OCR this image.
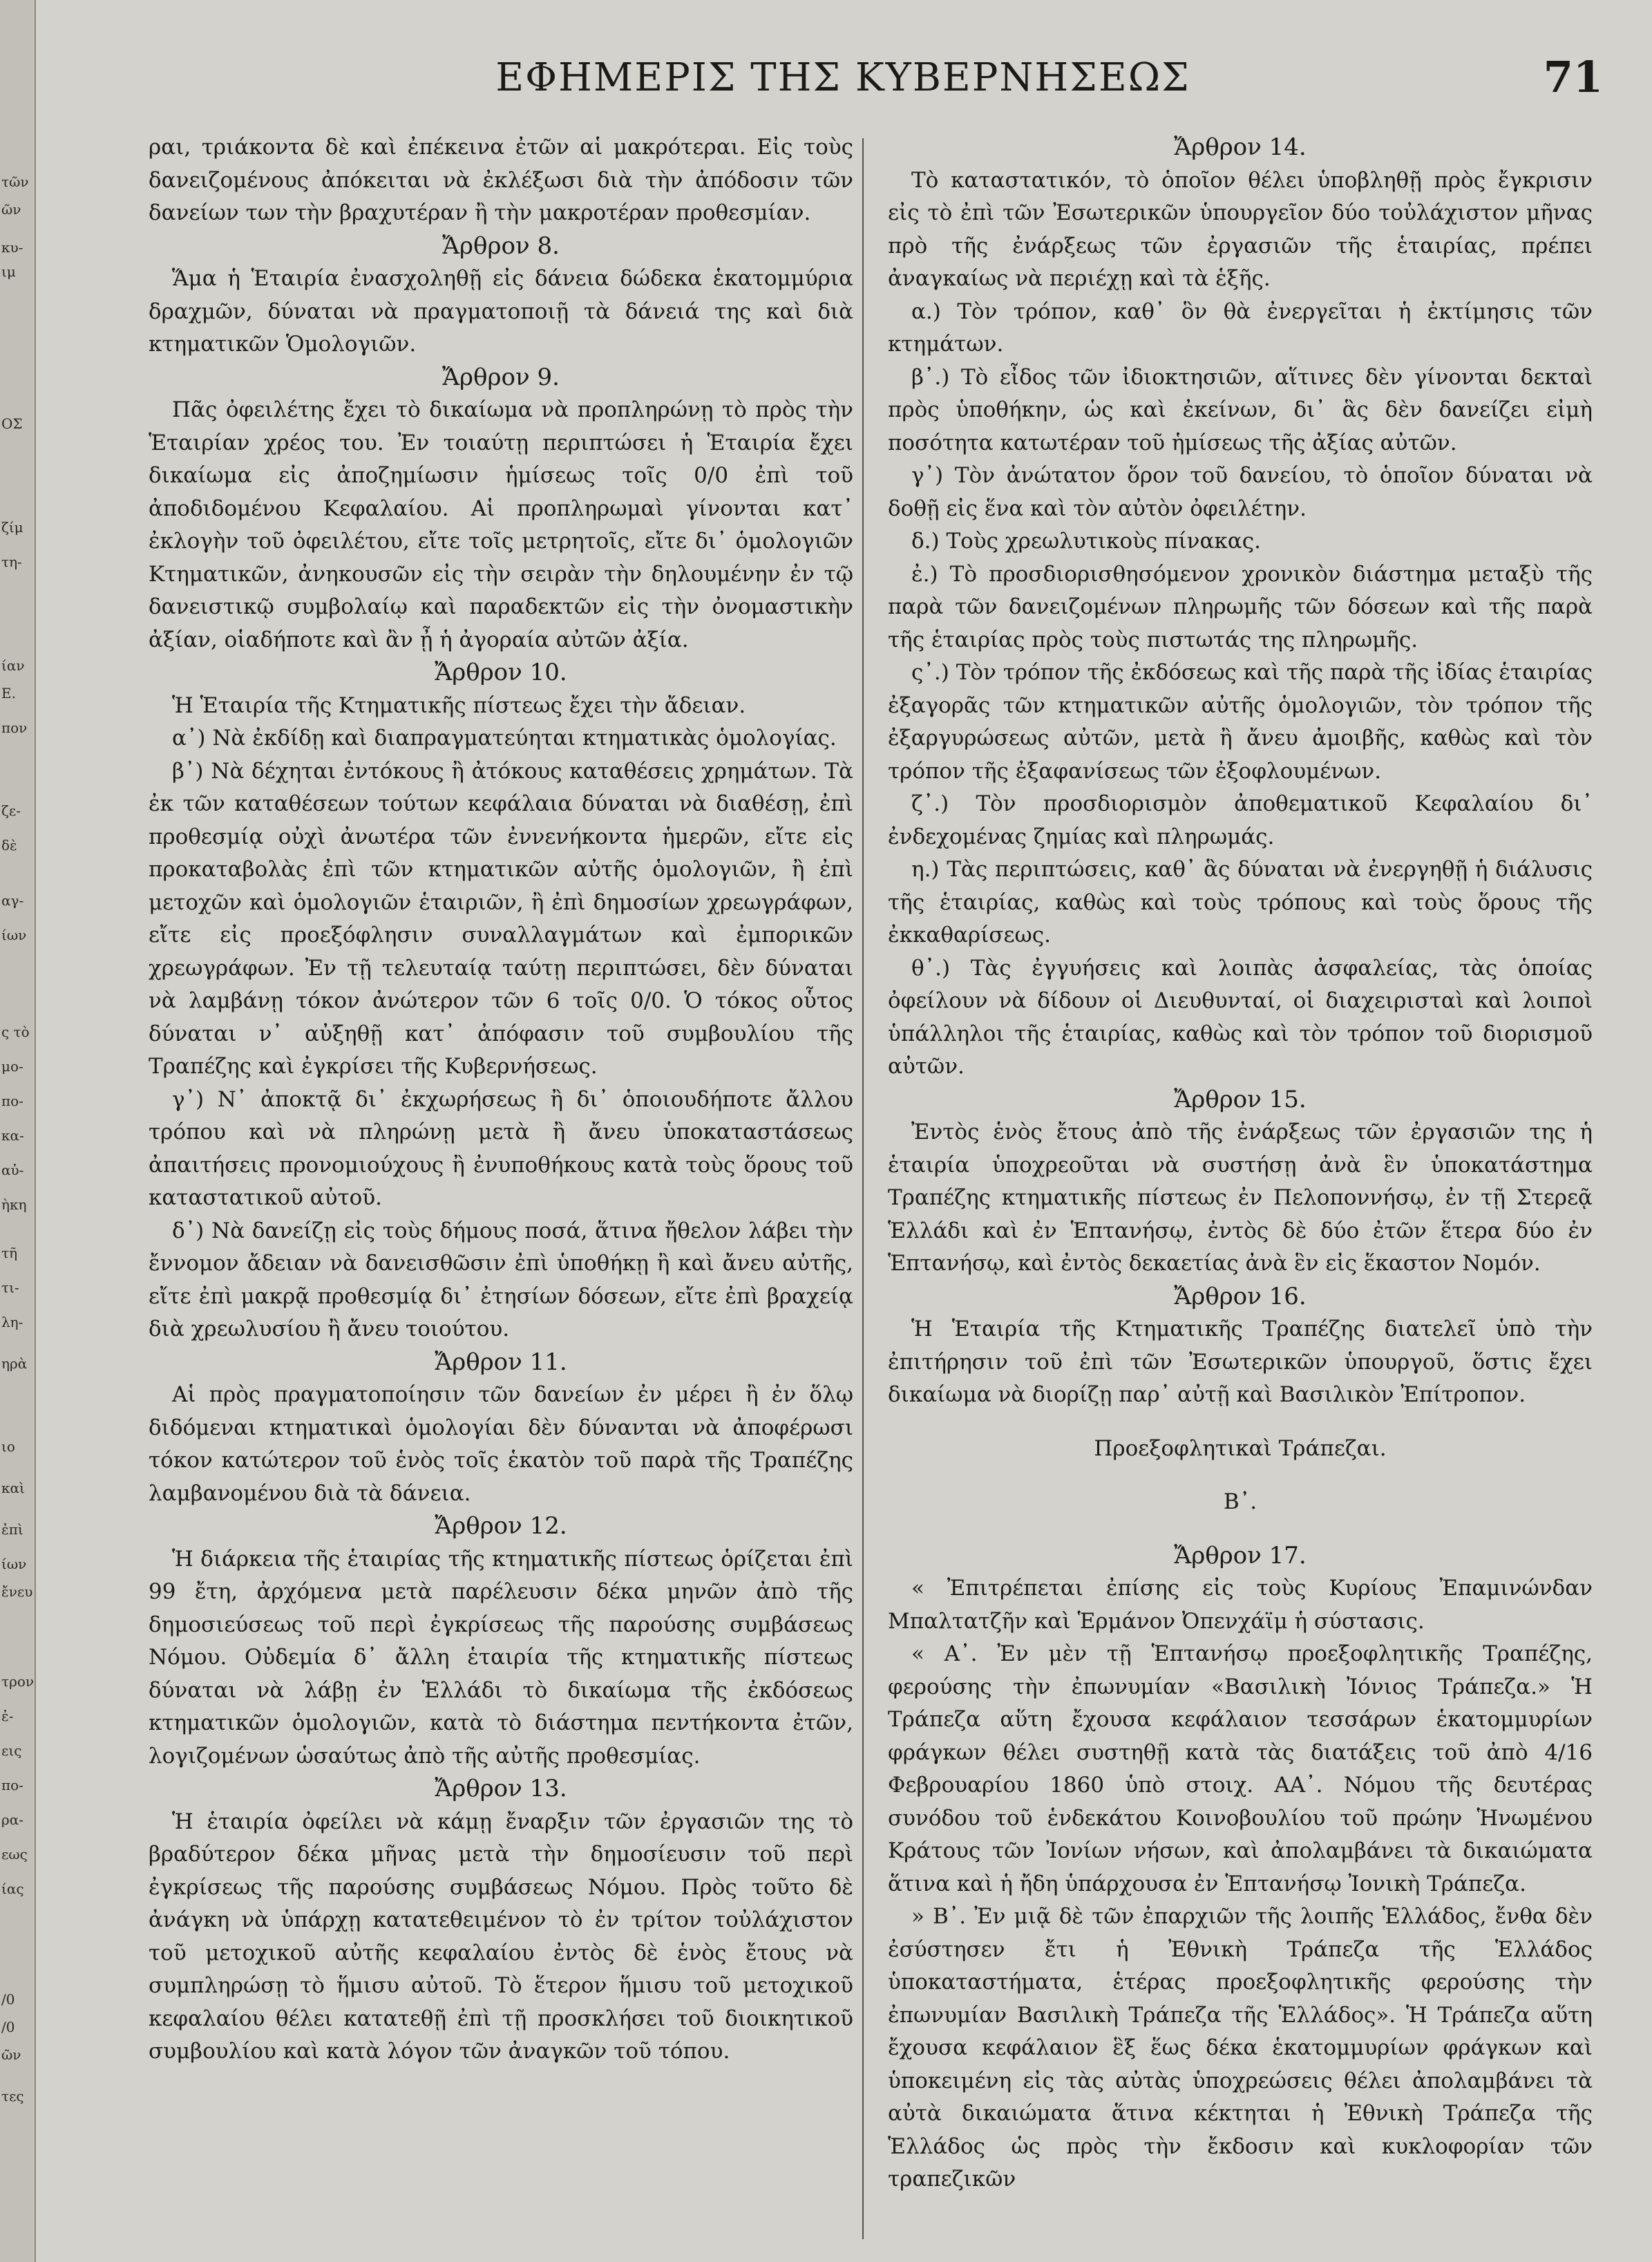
τῶν
ῶν
κυ-
ιμ
ΟΣ
ζίμ
τη-
ίαν
Ε.
πον
ζε-
δὲ
αγ-
ίων
ς τὸ
μο-
πο-
κα-
αὐ-
ὴκη
τῆ
τι-
λη-
ηρὰ
ιο
καὶ
ἐπὶ
ίων
ἔνευ
τρον
ἐ-
εις
πο-
ρα-
εως
ίας
/0
/0
ῶν
τες
ΕΦΗΜΕΡΙΣ ΤΗΣ ΚΥΒΕΡΝΗΣΕΩΣ	71

ραι, τριάκοντα δὲ καὶ ἐπέκεινα ἐτῶν αἱ μακρότεραι. Εἰς τοὺς δανειζομένους ἀπόκειται νὰ ἐκλέξωσι διὰ τὴν ἀπόδοσιν τῶν δανείων των τὴν βραχυτέραν ἢ τὴν μακροτέραν προθεσμίαν.

Ἄρθρον 8.

Ἅμα ἡ Ἑταιρία ἐνασχοληθῇ εἰς δάνεια δώδεκα ἑκατομμύρια δραχμῶν, δύναται νὰ πραγματοποιῇ τὰ δάνειά της καὶ διὰ κτηματικῶν Ὁμολογιῶν.

Ἄρθρον 9.

Πᾶς ὀφειλέτης ἔχει τὸ δικαίωμα νὰ προπληρώνῃ τὸ πρὸς τὴν Ἑταιρίαν χρέος του. Ἐν τοιαύτῃ περιπτώσει ἡ Ἑταιρία ἔχει δικαίωμα εἰς ἀποζημίωσιν ἡμίσεως τοῖς 0/0 ἐπὶ τοῦ ἀποδιδομένου Κεφαλαίου. Αἱ προπληρωμαὶ γίνονται κατ᾽ ἐκλογὴν τοῦ ὀφειλέτου, εἴτε τοῖς μετρητοῖς, εἴτε δι᾽ ὁμολογιῶν Κτηματικῶν, ἀνηκουσῶν εἰς τὴν σειρὰν τὴν δηλουμένην ἐν τῷ δανειστικῷ συμβολαίῳ καὶ παραδεκτῶν εἰς τὴν ὀνομαστικὴν ἀξίαν, οἱαδήποτε καὶ ἂν ᾖ ἡ ἀγοραία αὐτῶν ἀξία.

Ἄρθρον 10.

Ἡ Ἑταιρία τῆς Κτηματικῆς πίστεως ἔχει τὴν ἄδειαν.

α᾽) Νὰ ἐκδίδῃ καὶ διαπραγματεύηται κτηματικὰς ὁμολογίας.

β᾽) Νὰ δέχηται ἐντόκους ἢ ἀτόκους καταθέσεις χρημάτων. Τὰ ἐκ τῶν καταθέσεων τούτων κεφάλαια δύναται νὰ διαθέσῃ, ἐπὶ προθεσμίᾳ οὐχὶ ἀνωτέρα τῶν ἐννενήκοντα ἡμερῶν, εἴτε εἰς προκαταβολὰς ἐπὶ τῶν κτηματικῶν αὐτῆς ὁμολογιῶν, ἢ ἐπὶ μετοχῶν καὶ ὁμολογιῶν ἑταιριῶν, ἢ ἐπὶ δημοσίων χρεωγράφων, εἴτε εἰς προεξόφλησιν συναλλαγμάτων καὶ ἐμπορικῶν χρεωγράφων. Ἐν τῇ τελευταίᾳ ταύτῃ περιπτώσει, δὲν δύναται νὰ λαμβάνῃ τόκον ἀνώτερον τῶν 6 τοῖς 0/0. Ὁ τόκος οὗτος δύναται ν᾽ αὐξηθῇ κατ᾽ ἀπόφασιν τοῦ συμβουλίου τῆς Τραπέζης καὶ ἐγκρίσει τῆς Κυβερνήσεως.

γ᾽) Ν᾽ ἀποκτᾷ δι᾽ ἐκχωρήσεως ἢ δι᾽ ὁποιουδήποτε ἄλλου τρόπου καὶ νὰ πληρώνῃ μετὰ ἢ ἄνευ ὑποκαταστάσεως ἀπαιτήσεις προνομιούχους ἢ ἐνυποθήκους κατὰ τοὺς ὅρους τοῦ καταστατικοῦ αὐτοῦ.

δ᾽) Νὰ δανείζῃ εἰς τοὺς δήμους ποσά, ἅτινα ἤθελον λάβει τὴν ἔννομον ἄδειαν νὰ δανεισθῶσιν ἐπὶ ὑποθήκῃ ἢ καὶ ἄνευ αὐτῆς, εἴτε ἐπὶ μακρᾷ προθεσμίᾳ δι᾽ ἐτησίων δόσεων, εἴτε ἐπὶ βραχείᾳ διὰ χρεωλυσίου ἢ ἄνευ τοιούτου.

Ἄρθρον 11.

Αἱ πρὸς πραγματοποίησιν τῶν δανείων ἐν μέρει ἢ ἐν ὅλῳ διδόμεναι κτηματικαὶ ὁμολογίαι δὲν δύνανται νὰ ἀποφέρωσι τόκον κατώτερον τοῦ ἑνὸς τοῖς ἑκατὸν τοῦ παρὰ τῆς Τραπέζης λαμβανομένου διὰ τὰ δάνεια.

Ἄρθρον 12.

Ἡ διάρκεια τῆς ἑταιρίας τῆς κτηματικῆς πίστεως ὁρίζεται ἐπὶ 99 ἔτη, ἀρχόμενα μετὰ παρέλευσιν δέκα μηνῶν ἀπὸ τῆς δημοσιεύσεως τοῦ περὶ ἐγκρίσεως τῆς παρούσης συμβάσεως Νόμου. Οὐδεμία δ᾽ ἄλλη ἑταιρία τῆς κτηματικῆς πίστεως δύναται νὰ λάβῃ ἐν Ἑλλάδι τὸ δικαίωμα τῆς ἐκδόσεως κτηματικῶν ὁμολογιῶν, κατὰ τὸ διάστημα πεντήκοντα ἐτῶν, λογιζομένων ὡσαύτως ἀπὸ τῆς αὐτῆς προθεσμίας.

Ἄρθρον 13.

Ἡ ἑταιρία ὀφείλει νὰ κάμῃ ἔναρξιν τῶν ἐργασιῶν της τὸ βραδύτερον δέκα μῆνας μετὰ τὴν δημοσίευσιν τοῦ περὶ ἐγκρίσεως τῆς παρούσης συμβάσεως Νόμου. Πρὸς τοῦτο δὲ ἀνάγκη νὰ ὑπάρχῃ κατατεθειμένον τὸ ἐν τρίτον τοὐλάχιστον τοῦ μετοχικοῦ αὐτῆς κεφαλαίου ἐντὸς δὲ ἑνὸς ἔτους νὰ συμπληρώσῃ τὸ ἥμισυ αὐτοῦ. Τὸ ἕτερον ἥμισυ τοῦ μετοχικοῦ κεφαλαίου θέλει κατατεθῇ ἐπὶ τῇ προσκλήσει τοῦ διοικητικοῦ συμβουλίου καὶ κατὰ λόγον τῶν ἀναγκῶν τοῦ τόπου.

Ἄρθρον 14.

Τὸ καταστατικόν, τὸ ὁποῖον θέλει ὑποβληθῇ πρὸς ἔγκρισιν εἰς τὸ ἐπὶ τῶν Ἐσωτερικῶν ὑπουργεῖον δύο τοὐλάχιστον μῆνας πρὸ τῆς ἐνάρξεως τῶν ἐργασιῶν τῆς ἑταιρίας, πρέπει ἀναγκαίως νὰ περιέχῃ καὶ τὰ ἑξῆς.

α.) Τὸν τρόπον, καθ᾽ ὃν θὰ ἐνεργεῖται ἡ ἐκτίμησις τῶν κτημάτων.

β᾽.) Τὸ εἶδος τῶν ἰδιοκτησιῶν, αἵτινες δὲν γίνονται δεκταὶ πρὸς ὑποθήκην, ὡς καὶ ἐκείνων, δι᾽ ἃς δὲν δανείζει εἰμὴ ποσότητα κατωτέραν τοῦ ἡμίσεως τῆς ἀξίας αὐτῶν.

γ᾽) Τὸν ἀνώτατον ὅρον τοῦ δανείου, τὸ ὁποῖον δύναται νὰ δοθῇ εἰς ἕνα καὶ τὸν αὐτὸν ὀφειλέτην.

δ.) Τοὺς χρεωλυτικοὺς πίνακας.

ἐ.) Τὸ προσδιορισθησόμενον χρονικὸν διάστημα μεταξὺ τῆς παρὰ τῶν δανειζομένων πληρωμῆς τῶν δόσεων καὶ τῆς παρὰ τῆς ἑταιρίας πρὸς τοὺς πιστωτάς της πληρωμῆς.

ς᾽.) Τὸν τρόπον τῆς ἐκδόσεως καὶ τῆς παρὰ τῆς ἰδίας ἑταιρίας ἐξαγορᾶς τῶν κτηματικῶν αὐτῆς ὁμολογιῶν, τὸν τρόπον τῆς ἐξαργυρώσεως αὐτῶν, μετὰ ἢ ἄνευ ἀμοιβῆς, καθὼς καὶ τὸν τρόπον τῆς ἐξαφανίσεως τῶν ἐξοφλουμένων.

ζ᾽.) Τὸν προσδιορισμὸν ἀποθεματικοῦ Κεφαλαίου δι᾽ ἐνδεχομένας ζημίας καὶ πληρωμάς.

η.) Τὰς περιπτώσεις, καθ᾽ ἃς δύναται νὰ ἐνεργηθῇ ἡ διάλυσις τῆς ἑταιρίας, καθὼς καὶ τοὺς τρόπους καὶ τοὺς ὅρους τῆς ἐκκαθαρίσεως.

θ᾽.) Τὰς ἐγγυήσεις καὶ λοιπὰς ἀσφαλείας, τὰς ὁποίας ὀφείλουν νὰ δίδουν οἱ Διευθυνταί, οἱ διαχειρισταὶ καὶ λοιποὶ ὑπάλληλοι τῆς ἑταιρίας, καθὼς καὶ τὸν τρόπον τοῦ διορισμοῦ αὐτῶν.

Ἄρθρον 15.

Ἐντὸς ἑνὸς ἔτους ἀπὸ τῆς ἐνάρξεως τῶν ἐργασιῶν της ἡ ἑταιρία ὑποχρεοῦται νὰ συστήσῃ ἀνὰ ἓν ὑποκατάστημα Τραπέζης κτηματικῆς πίστεως ἐν Πελοποννήσῳ, ἐν τῇ Στερεᾷ Ἑλλάδι καὶ ἐν Ἑπτανήσῳ, ἐντὸς δὲ δύο ἐτῶν ἕτερα δύο ἐν Ἑπτανήσῳ, καὶ ἐντὸς δεκαετίας ἀνὰ ἓν εἰς ἕκαστον Νομόν.

Ἄρθρον 16.

Ἡ Ἑταιρία τῆς Κτηματικῆς Τραπέζης διατελεῖ ὑπὸ τὴν ἐπιτήρησιν τοῦ ἐπὶ τῶν Ἐσωτερικῶν ὑπουργοῦ, ὅστις ἔχει δικαίωμα νὰ διορίζῃ παρ᾽ αὐτῇ καὶ Βασιλικὸν Ἐπίτροπον.

Προεξοφλητικαὶ Τράπεζαι.

Β᾽.

Ἄρθρον 17.

« Ἐπιτρέπεται ἐπίσης εἰς τοὺς Κυρίους Ἐπαμινώνδαν Μπαλτατζῆν καὶ Ἑρμάνον Ὀπενχάϊμ ἡ σύστασις.

« Α᾽. Ἐν μὲν τῇ Ἑπτανήσῳ προεξοφλητικῆς Τραπέζης, φερούσης τὴν ἐπωνυμίαν «Βασιλικὴ Ἰόνιος Τράπεζα.» Ἡ Τράπεζα αὕτη ἔχουσα κεφάλαιον τεσσάρων ἑκατομμυρίων φράγκων θέλει συστηθῇ κατὰ τὰς διατάξεις τοῦ ἀπὸ 4/16 Φεβρουαρίου 1860 ὑπὸ στοιχ. ΑΑ᾽. Νόμου τῆς δευτέρας συνόδου τοῦ ἑνδεκάτου Κοινοβουλίου τοῦ πρώην Ἡνωμένου Κράτους τῶν Ἰονίων νήσων, καὶ ἀπολαμβάνει τὰ δικαιώματα ἅτινα καὶ ἡ ἤδη ὑπάρχουσα ἐν Ἑπτανήσῳ Ἰονικὴ Τράπεζα.

» Β᾽. Ἐν μιᾷ δὲ τῶν ἐπαρχιῶν τῆς λοιπῆς Ἑλλάδος, ἔνθα δὲν ἐσύστησεν ἔτι ἡ Ἐθνικὴ Τράπεζα τῆς Ἑλλάδος ὑποκαταστήματα, ἑτέρας προεξοφλητικῆς φερούσης τὴν ἐπωνυμίαν Βασιλικὴ Τράπεζα τῆς Ἑλλάδος». Ἡ Τράπεζα αὕτη ἔχουσα κεφάλαιον ἓξ ἕως δέκα ἑκατομμυρίων φράγκων καὶ ὑποκειμένη εἰς τὰς αὐτὰς ὑποχρεώσεις θέλει ἀπολαμβάνει τὰ αὐτὰ δικαιώματα ἅτινα κέκτηται ἡ Ἐθνικὴ Τράπεζα τῆς Ἑλλάδος ὡς πρὸς τὴν ἔκδοσιν καὶ κυκλοφορίαν τῶν τραπεζικῶν
